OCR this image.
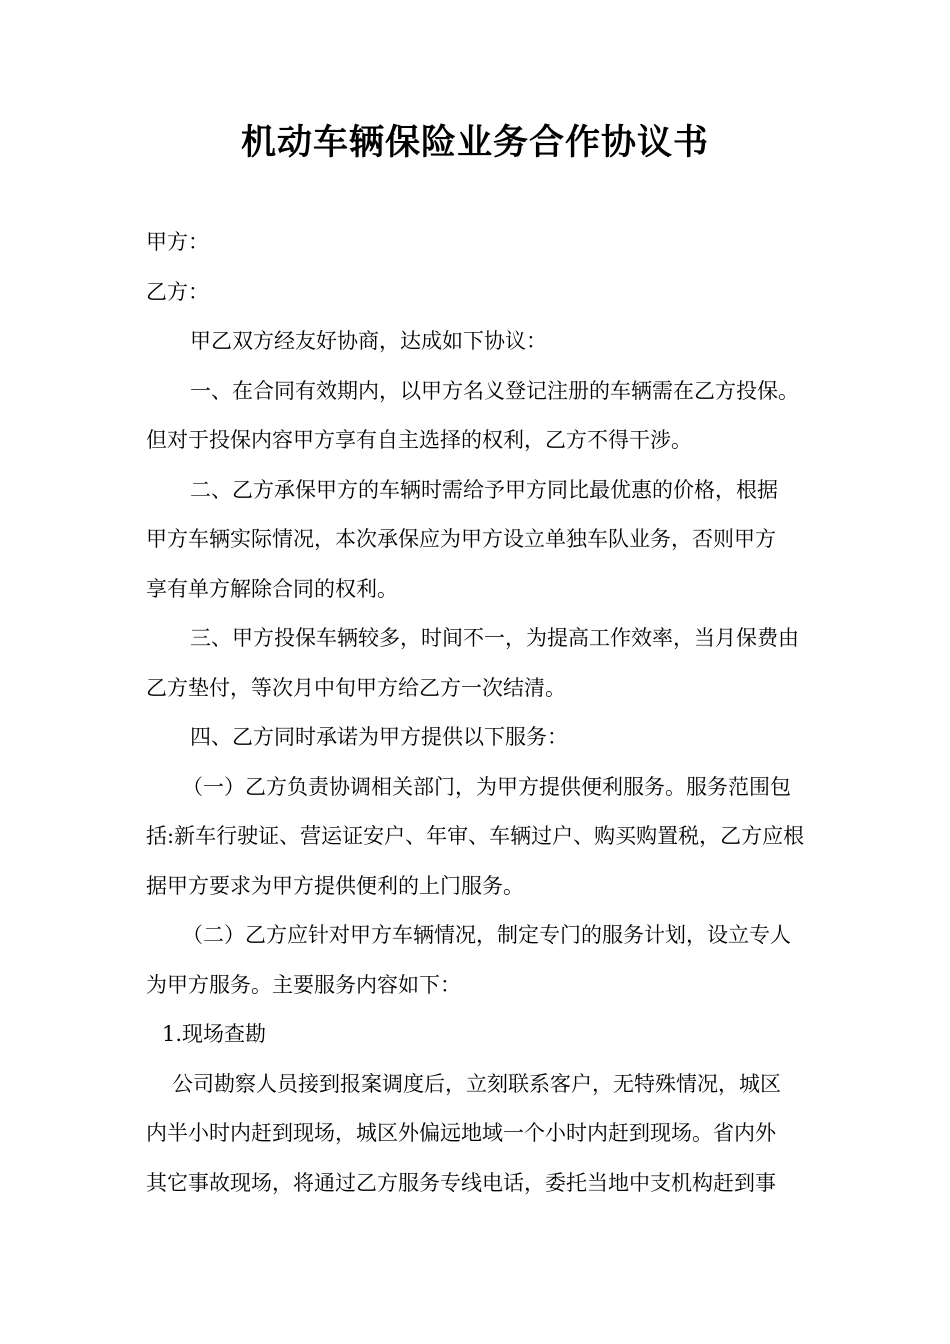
机动车辆保险业务合作协议书
甲方：
乙方：
甲乙双方经友好协商，达成如下协议：
一、在合同有效期内，以甲方名义登记注册的车辆需在乙方投保。
但对于投保内容甲方享有自主选择的权利，乙方不得干涉。
二、乙方承保甲方的车辆时需给予甲方同比最优惠的价格，根据
甲方车辆实际情况，本次承保应为甲方设立单独车队业务，否则甲方
享有单方解除合同的权利。
三、甲方投保车辆较多，时间不一，为提高工作效率，当月保费由
乙方垫付，等次月中旬甲方给乙方一次结清。
四、乙方同时承诺为甲方提供以下服务：
（一）乙方负责协调相关部门，为甲方提供便利服务。服务范围包
括:新车行驶证、营运证安户、年审、车辆过户、购买购置税，乙方应根
据甲方要求为甲方提供便利的上门服务。
（二）乙方应针对甲方车辆情况，制定专门的服务计划，设立专人
为甲方服务。主要服务内容如下：
1.现场查勘
公司勘察人员接到报案调度后，立刻联系客户，无特殊情况，城区
内半小时内赶到现场，城区外偏远地域一个小时内赶到现场。省内外
其它事故现场，将通过乙方服务专线电话，委托当地中支机构赶到事
